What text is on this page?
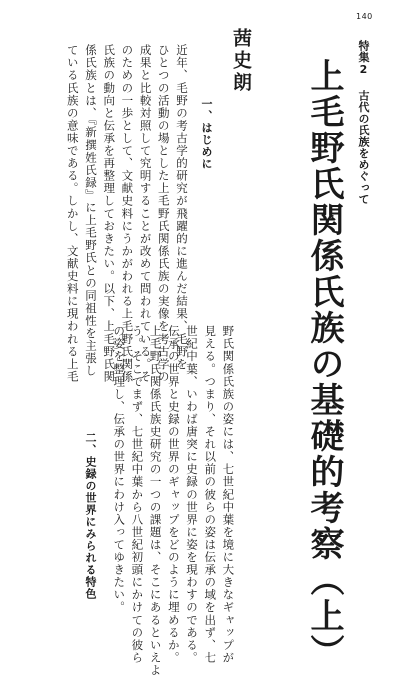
140
特集2 古代の氏族をめぐって
上毛野氏関係氏族の基礎的考察（上）
茜史朗
一、はじめに
近年、毛野の考古学的研究が飛躍的に進んだ結果、毛野を
ひとつの活動の場とした上毛野氏関係氏族の実像を考古学の
成果と比較対照して究明することが改めて問われている。そ
のための一歩として、文献史料にうかがわれる上毛野氏関係
氏族の動向と伝承を再整理しておきたい。以下、上毛野氏関
係氏族とは、『新撰姓氏録』に上毛野氏との同祖性を主張し
ている氏族の意味である。しかし、文献史料に現われる上毛
野氏関係氏族の姿には、七世紀中葉を境に大きなギャップが
見える。つまり、それ以前の彼らの姿は伝承の域を出ず、七
世紀中葉、いわば唐突に史録の世界に姿を現わすのである。
伝承の世界と史録の世界のギャップをどのように埋めるか。
上毛野氏関係氏族史研究の一つの課題は、そこにあるといえよ
う。そこでまず、七世紀中葉から八世紀初頭にかけての彼ら
の姿を整理し、伝承の世界にわけ入ってゆきたい。
二、史録の世界にみられる特色
